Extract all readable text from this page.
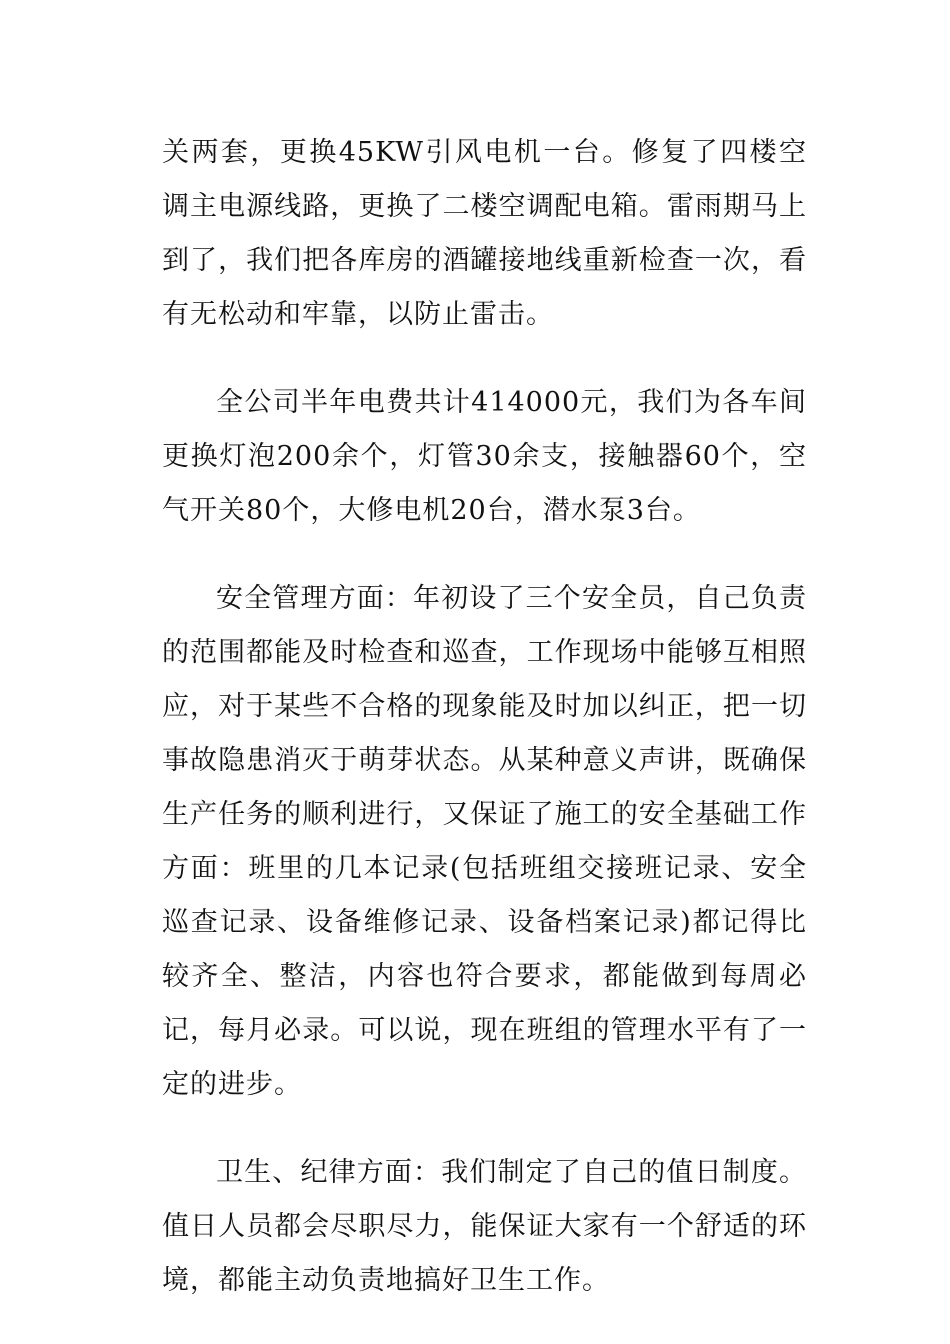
关两套，更换45KW引风电机一台。修复了四楼空调主电源线路，更换了二楼空调配电箱。雷雨期马上到了，我们把各库房的酒罐接地线重新检查一次，看有无松动和牢靠，以防止雷击。

全公司半年电费共计414000元，我们为各车间更换灯泡200余个，灯管30余支，接触器60个，空气开关80个，大修电机20台，潜水泵3台。

安全管理方面：年初设了三个安全员，自己负责的范围都能及时检查和巡查，工作现场中能够互相照应，对于某些不合格的现象能及时加以纠正，把一切事故隐患消灭于萌芽状态。从某种意义声讲，既确保生产任务的顺利进行，又保证了施工的安全基础工作方面：班里的几本记录(包括班组交接班记录、安全巡查记录、设备维修记录、设备档案记录)都记得比较齐全、整洁，内容也符合要求，都能做到每周必记，每月必录。可以说，现在班组的管理水平有了一定的进步。

卫生、纪律方面：我们制定了自己的值日制度。值日人员都会尽职尽力，能保证大家有一个舒适的环境，都能主动负责地搞好卫生工作。
